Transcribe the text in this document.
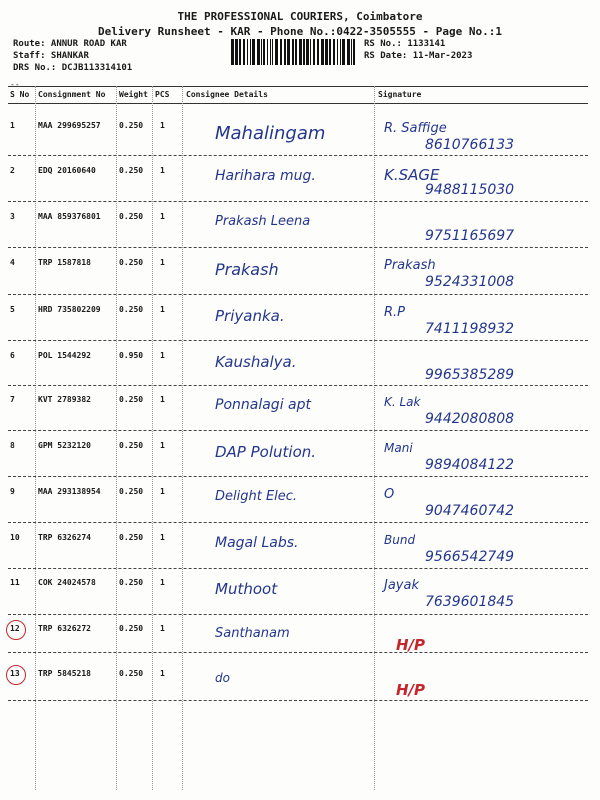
THE PROFESSIONAL COURIERS, Coimbatore
Delivery Runsheet - KAR - Phone No.:0422-3505555 - Page No.:1
Route: ANNUR ROAD KAR
Staff: SHANKAR
DRS No.: DCJB113314101
RS No.: 1133141
RS Date: 11-Mar-2023
--
S No Consignment No Weight PCS Consignee Details	Signature
1	MAA 299695257 0.250 1	Mahalingam	R. Saffige
8610766133
2	EDQ 20160640	0.250 1	Harihara mug.	K.SAGE
9488115030
3	MAA 859376801 0.250 1	Prakash Leena
9751165697
4	TRP 1587818	0.250 1	Prakash	Prakash
9524331008
5	HRD 735802209 0.250 1	Priyanka.	R.P
7411198932
6	POL 1544292	0.950 1	Kaushalya.
9965385289
7	KVT 2789382	0.250 1	Ponnalagi apt	K. Lak
9442080808
8	GPM 5232120	0.250 1	DAP Polution.	Mani
9894084122
9	MAA 293138954 0.250 1	Delight Elec.	O
9047460742
10 TRP 6326274	0.250 1	Magal Labs.	Bund
9566542749
11 COK 24024578	0.250 1	Muthoot	Jayak
7639601845
12 TRP 6326272	0.250 1	Santhanam
H/P
13 TRP 5845218	0.250 1	do
H/P
